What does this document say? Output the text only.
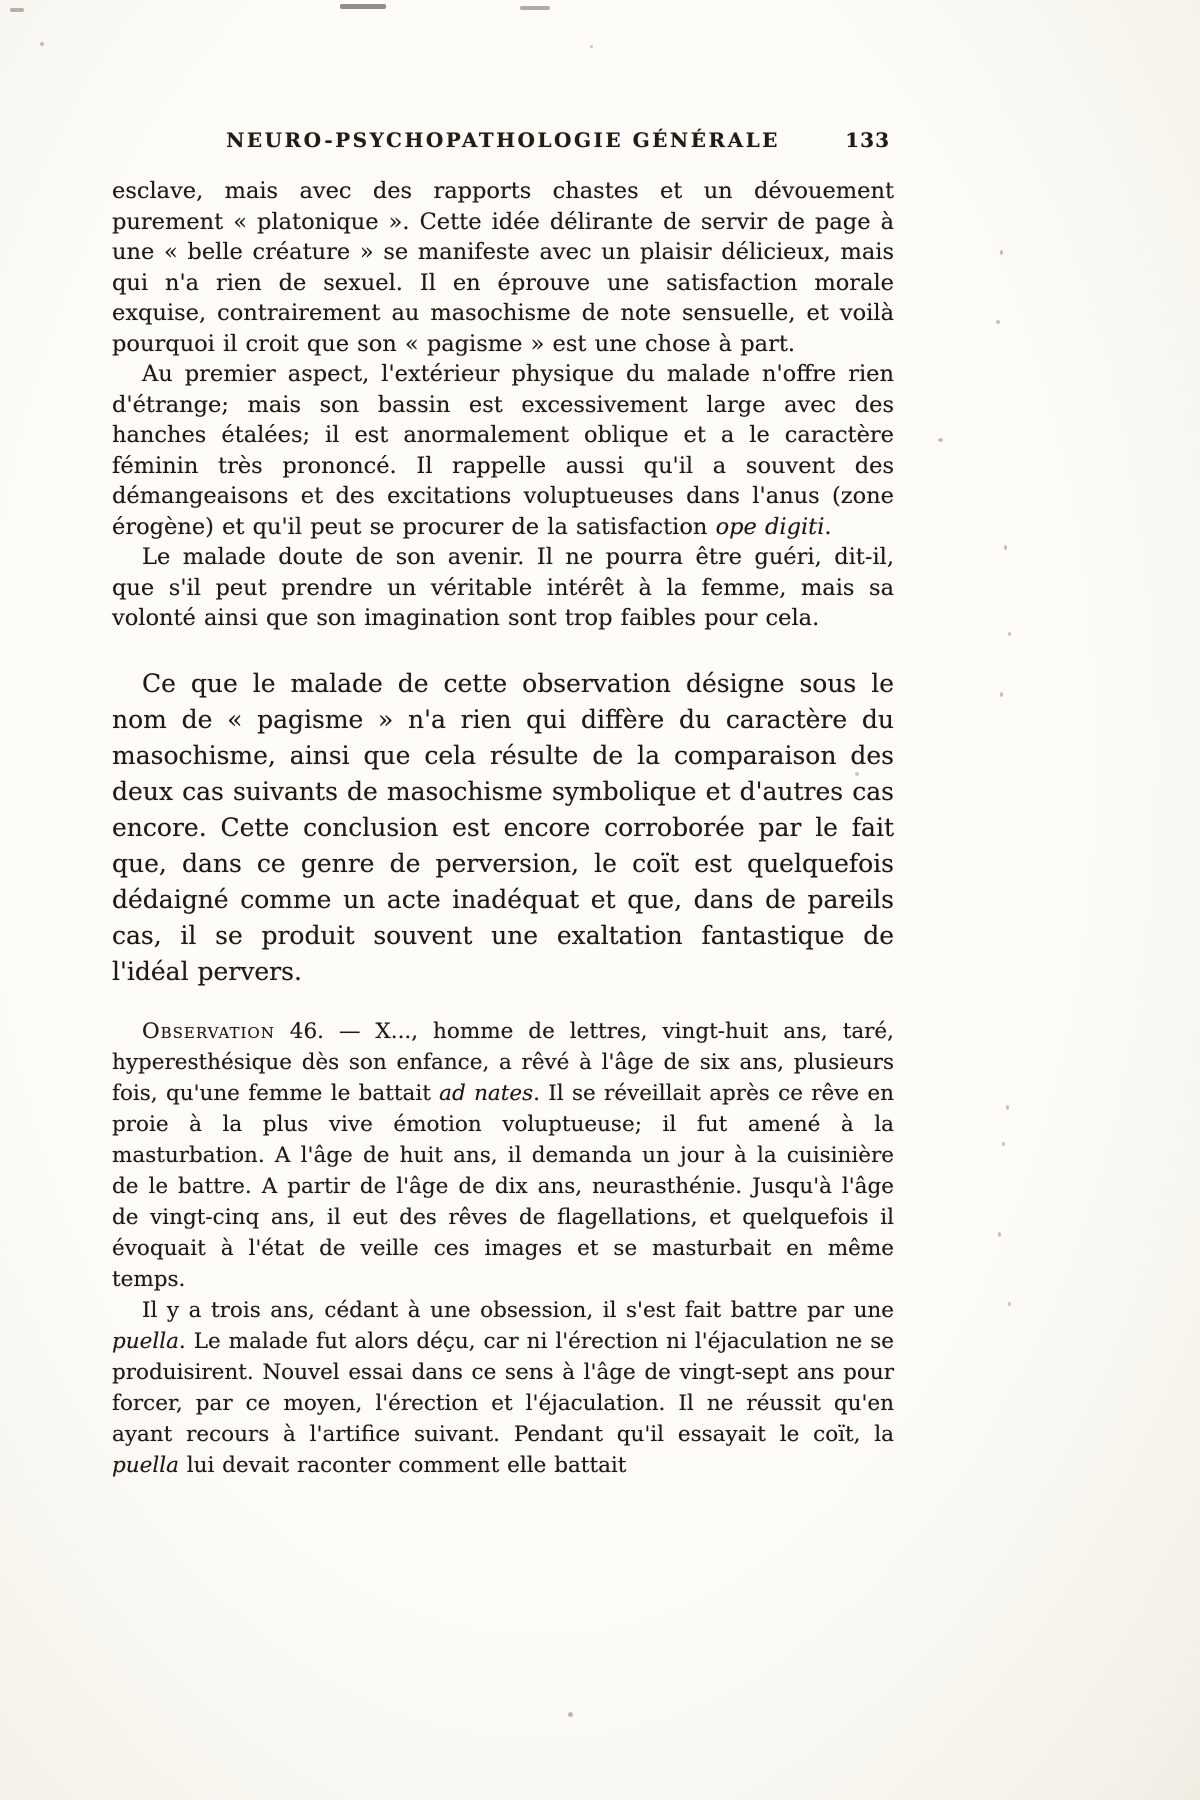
NEURO-PSYCHOPATHOLOGIE GÉNÉRALE	133

esclave, mais avec des rapports chastes et un dévouement purement « platonique ». Cette idée délirante de servir de page à une « belle créature » se manifeste avec un plaisir délicieux, mais qui n'a rien de sexuel. Il en éprouve une satisfaction morale exquise, contrairement au masochisme de note sensuelle, et voilà pourquoi il croit que son « pagisme » est une chose à part.

Au premier aspect, l'extérieur physique du malade n'offre rien d'étrange; mais son bassin est excessivement large avec des hanches étalées; il est anormalement oblique et a le caractère féminin très prononcé. Il rappelle aussi qu'il a souvent des démangeaisons et des excitations voluptueuses dans l'anus (zone érogène) et qu'il peut se procurer de la satisfaction ope digiti.

Le malade doute de son avenir. Il ne pourra être guéri, dit-il, que s'il peut prendre un véritable intérêt à la femme, mais sa volonté ainsi que son imagination sont trop faibles pour cela.

Ce que le malade de cette observation désigne sous le nom de « pagisme » n'a rien qui diffère du caractère du masochisme, ainsi que cela résulte de la comparaison des deux cas suivants de masochisme symbolique et d'autres cas encore. Cette conclusion est encore corroborée par le fait que, dans ce genre de perversion, le coït est quelquefois dédaigné comme un acte inadéquat et que, dans de pareils cas, il se produit souvent une exaltation fantastique de l'idéal pervers.

Observation 46. — X..., homme de lettres, vingt-huit ans, taré, hyperesthésique dès son enfance, a rêvé à l'âge de six ans, plusieurs fois, qu'une femme le battait ad nates. Il se réveillait après ce rêve en proie à la plus vive émotion voluptueuse; il fut amené à la masturbation. A l'âge de huit ans, il demanda un jour à la cuisinière de le battre. A partir de l'âge de dix ans, neurasthénie. Jusqu'à l'âge de vingt-cinq ans, il eut des rêves de flagellations, et quelquefois il évoquait à l'état de veille ces images et se masturbait en même temps.

Il y a trois ans, cédant à une obsession, il s'est fait battre par une puella. Le malade fut alors déçu, car ni l'érection ni l'éjaculation ne se produisirent. Nouvel essai dans ce sens à l'âge de vingt-sept ans pour forcer, par ce moyen, l'érection et l'éjaculation. Il ne réussit qu'en ayant recours à l'artifice suivant. Pendant qu'il essayait le coït, la puella lui devait raconter comment elle battait
